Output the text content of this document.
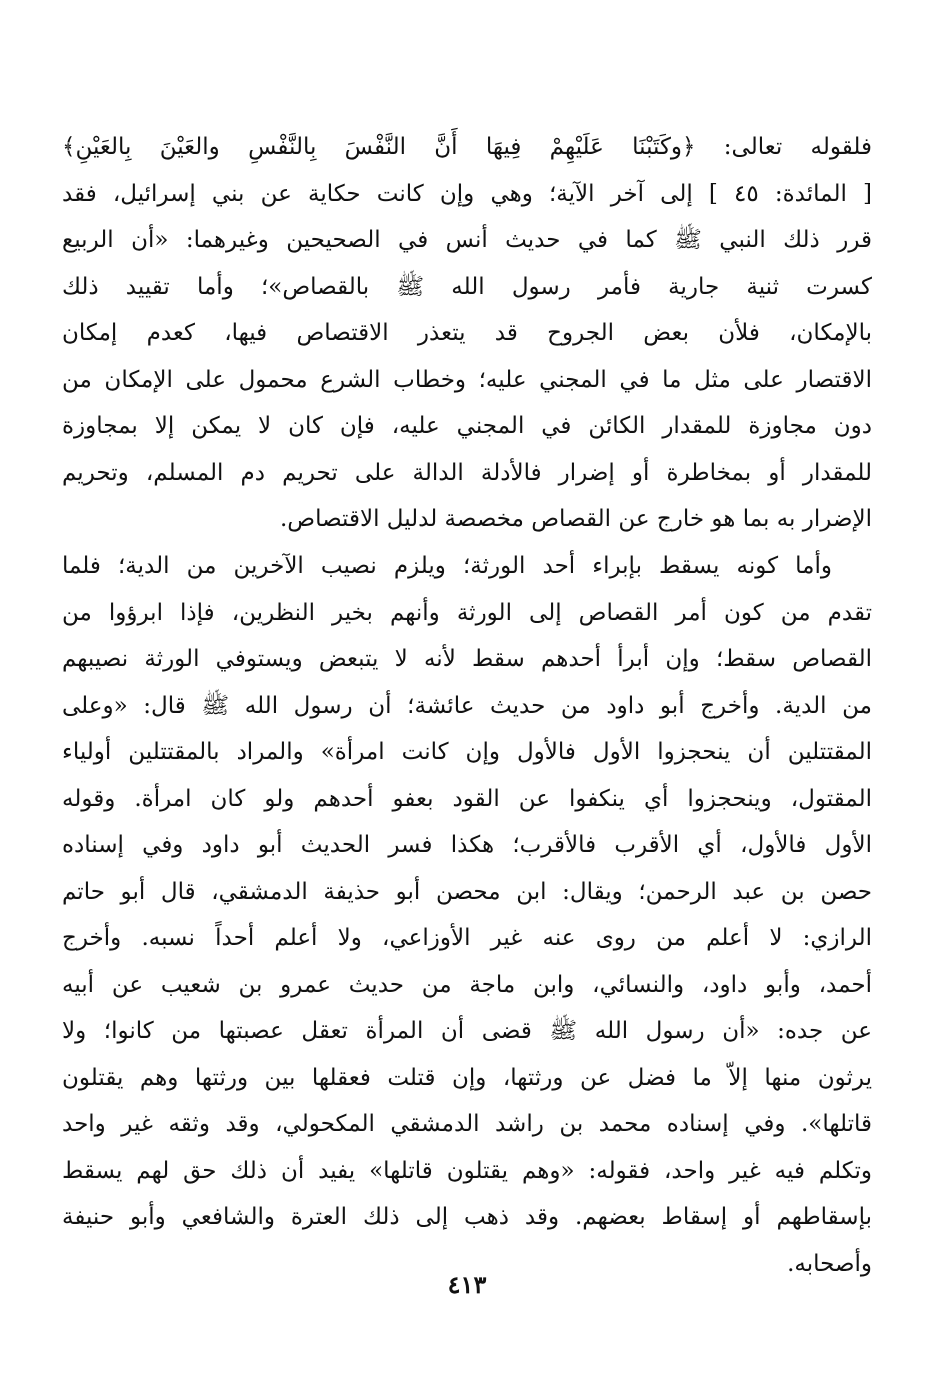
فلقوله تعالى: ﴿وكَتَبْنَا عَلَيْهِمْ فِيهَا أَنَّ النَّفْسَ بِالنَّفْسِ والعَيْنَ بِالعَيْنِ﴾
[ المائدة: ٤٥ ] إلى آخر الآية؛ وهي وإن كانت حكاية عن بني إسرائيل، فقد
قرر ذلك النبي ﷺ كما في حديث أنس في الصحيحين وغيرهما: «أن الربيع
كسرت ثنية جارية فأمر رسول الله ﷺ بالقصاص»؛ وأما تقييد ذلك
بالإمكان، فلأن بعض الجروح قد يتعذر الاقتصاص فيها، كعدم إمكان
الاقتصار على مثل ما في المجني عليه؛ وخطاب الشرع محمول على الإمكان من
دون مجاوزة للمقدار الكائن في المجني عليه، فإن كان لا يمكن إلا بمجاوزة
للمقدار أو بمخاطرة أو إضرار فالأدلة الدالة على تحريم دم المسلم، وتحريم
الإضرار به بما هو خارج عن القصاص مخصصة لدليل الاقتصاص.
وأما كونه يسقط بإبراء أحد الورثة؛ ويلزم نصيب الآخرين من الدية؛ فلما
تقدم من كون أمر القصاص إلى الورثة وأنهم بخير النظرين، فإذا ابرؤوا من
القصاص سقط؛ وإن أبرأ أحدهم سقط لأنه لا يتبعض ويستوفي الورثة نصيبهم
من الدية. وأخرج أبو داود من حديث عائشة؛ أن رسول الله ﷺ قال: «وعلى
المقتتلين أن ينحجزوا الأول فالأول وإن كانت امرأة» والمراد بالمقتتلين أولياء
المقتول، وينحجزوا أي ينكفوا عن القود بعفو أحدهم ولو كان امرأة. وقوله
الأول فالأول، أي الأقرب فالأقرب؛ هكذا فسر الحديث أبو داود وفي إسناده
حصن بن عبد الرحمن؛ ويقال: ابن محصن أبو حذيفة الدمشقي، قال أبو حاتم
الرازي: لا أعلم من روى عنه غير الأوزاعي، ولا أعلم أحداً نسبه. وأخرج
أحمد، وأبو داود، والنسائي، وابن ماجة من حديث عمرو بن شعيب عن أبيه
عن جده: «أن رسول الله ﷺ قضى أن المرأة تعقل عصبتها من كانوا؛ ولا
يرثون منها إلاّ ما فضل عن ورثتها، وإن قتلت فعقلها بين ورثتها وهم يقتلون
قاتلها». وفي إسناده محمد بن راشد الدمشقي المكحولي، وقد وثقه غير واحد
وتكلم فيه غير واحد، فقوله: «وهم يقتلون قاتلها» يفيد أن ذلك حق لهم يسقط
بإسقاطهم أو إسقاط بعضهم. وقد ذهب إلى ذلك العترة والشافعي وأبو حنيفة
وأصحابه.
٤١٣
